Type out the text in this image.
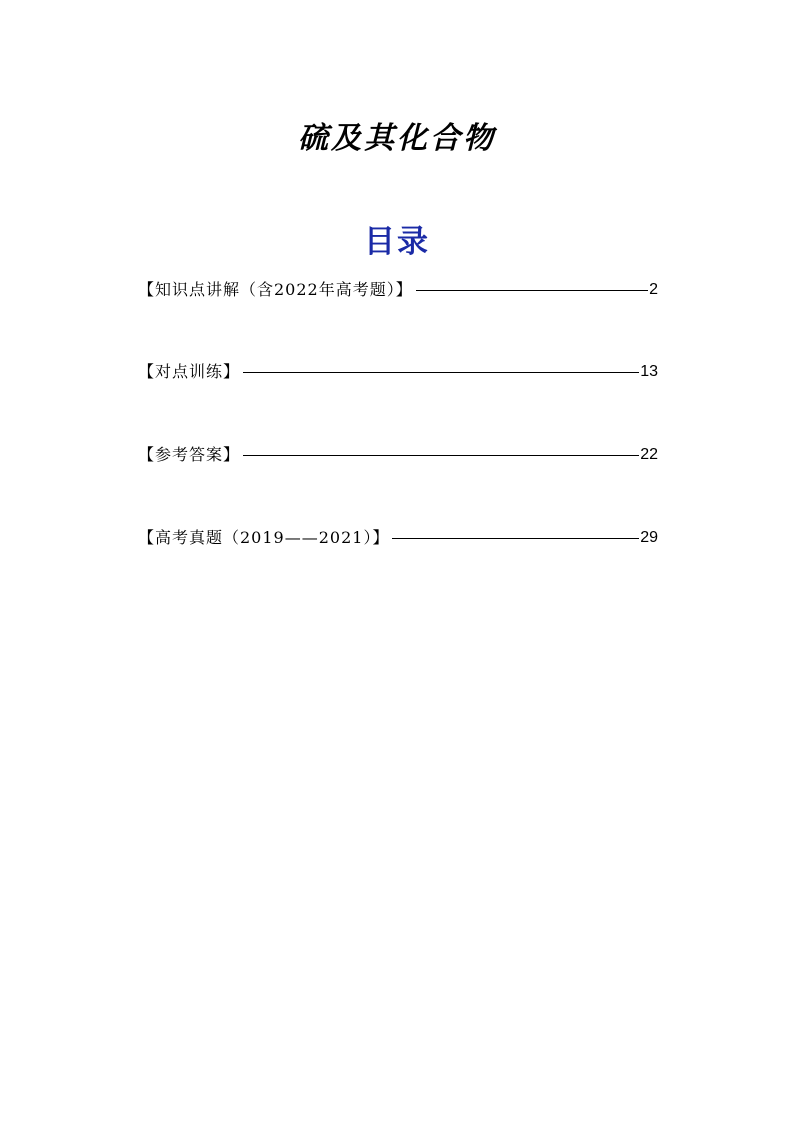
硫及其化合物
目录
【知识点讲解（含2022年高考题）】	2
【对点训练】	13
【参考答案】	22
【高考真题（2019——2021）】	29
